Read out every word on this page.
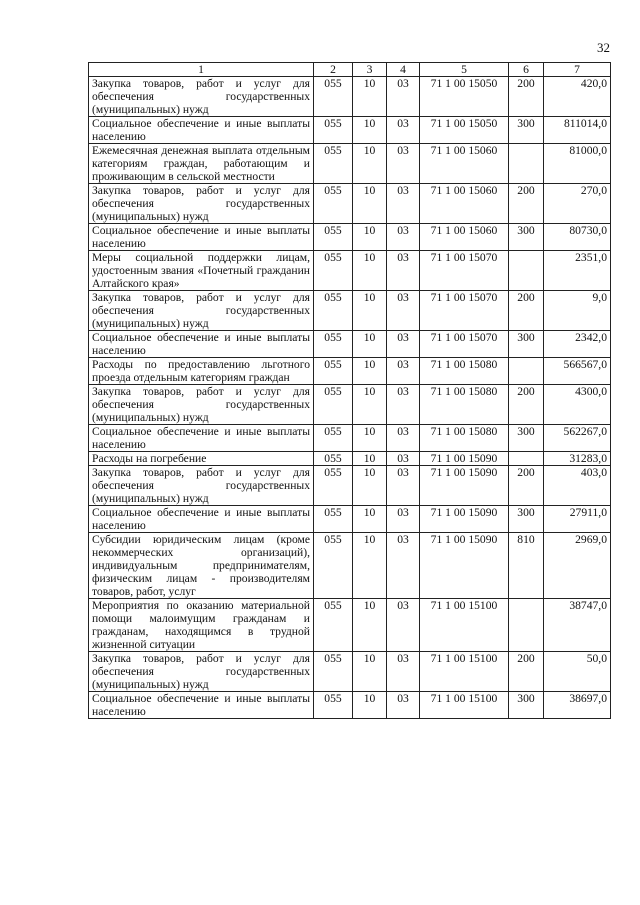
32
1	2	3	4	5	6	7
Закупка товаров, работ и услуг для обеспечения государственных (муниципальных) нужд	055	10	03	71 1 00 15050	200	420,0
Социальное обеспечение и иные выплаты населению	055	10	03	71 1 00 15050	300	811014,0
Ежемесячная денежная выплата отдельным категориям граждан, работающим и проживающим в сельской местности	055	10	03	71 1 00 15060		81000,0
Закупка товаров, работ и услуг для обеспечения государственных (муниципальных) нужд	055	10	03	71 1 00 15060	200	270,0
Социальное обеспечение и иные выплаты населению	055	10	03	71 1 00 15060	300	80730,0
Меры социальной поддержки лицам, удостоенным звания «Почетный гражданин Алтайского края»	055	10	03	71 1 00 15070		2351,0
Закупка товаров, работ и услуг для обеспечения государственных (муниципальных) нужд	055	10	03	71 1 00 15070	200	9,0
Социальное обеспечение и иные выплаты населению	055	10	03	71 1 00 15070	300	2342,0
Расходы по предоставлению льготного проезда отдельным категориям граждан	055	10	03	71 1 00 15080		566567,0
Закупка товаров, работ и услуг для обеспечения государственных (муниципальных) нужд	055	10	03	71 1 00 15080	200	4300,0
Социальное обеспечение и иные выплаты населению	055	10	03	71 1 00 15080	300	562267,0
Расходы на погребение	055	10	03	71 1 00 15090		31283,0
Закупка товаров, работ и услуг для обеспечения государственных (муниципальных) нужд	055	10	03	71 1 00 15090	200	403,0
Социальное обеспечение и иные выплаты населению	055	10	03	71 1 00 15090	300	27911,0
Субсидии юридическим лицам (кроме некоммерческих организаций), индивидуальным предпринимателям, физическим лицам - производителям товаров, работ, услуг	055	10	03	71 1 00 15090	810	2969,0
Мероприятия по оказанию материальной помощи малоимущим гражданам и гражданам, находящимся в трудной жизненной ситуации	055	10	03	71 1 00 15100		38747,0
Закупка товаров, работ и услуг для обеспечения государственных (муниципальных) нужд	055	10	03	71 1 00 15100	200	50,0
Социальное обеспечение и иные выплаты населению	055	10	03	71 1 00 15100	300	38697,0
